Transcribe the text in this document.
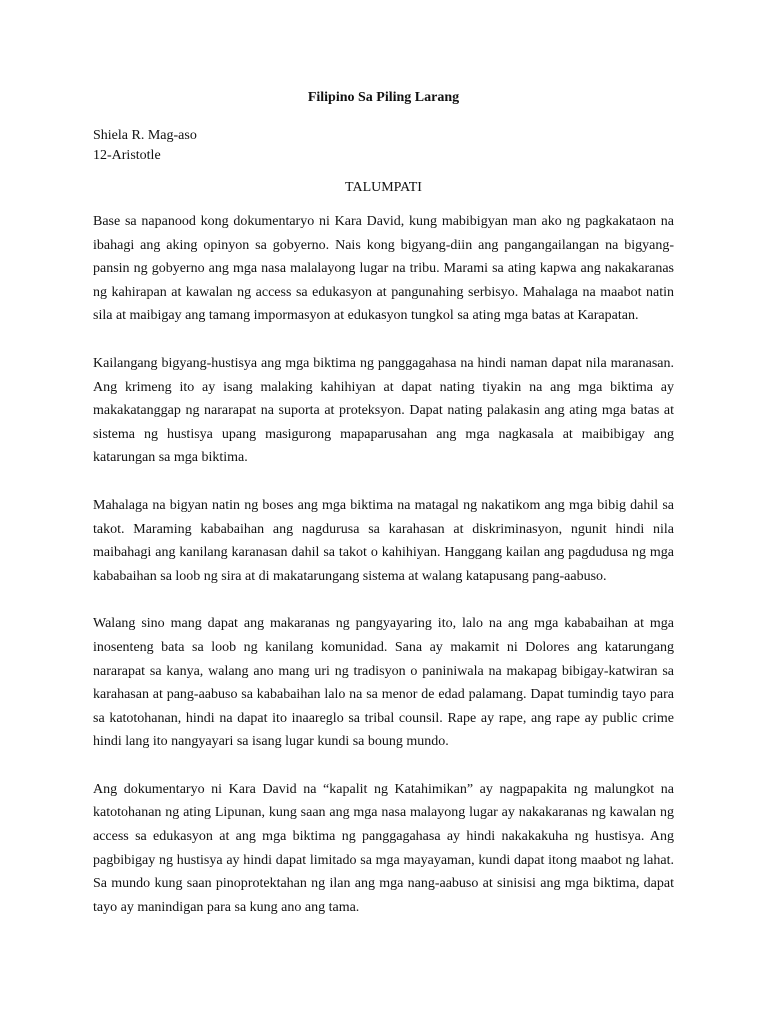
Filipino Sa Piling Larang
Shiela R. Mag-aso
12-Aristotle
TALUMPATI

Base sa napanood kong dokumentaryo ni Kara David, kung mabibigyan man ako ng pagkakataon na ibahagi ang aking opinyon sa gobyerno. Nais kong bigyang-diin ang pangangailangan na bigyang-pansin ng gobyerno ang mga nasa malalayong lugar na tribu. Marami sa ating kapwa ang nakakaranas ng kahirapan at kawalan ng access sa edukasyon at pangunahing serbisyo. Mahalaga na maabot natin sila at maibigay ang tamang impormasyon at edukasyon tungkol sa ating mga batas at Karapatan.

Kailangang bigyang-hustisya ang mga biktima ng panggagahasa na hindi naman dapat nila maranasan. Ang krimeng ito ay isang malaking kahihiyan at dapat nating tiyakin na ang mga biktima ay makakatanggap ng nararapat na suporta at proteksyon. Dapat nating palakasin ang ating mga batas at sistema ng hustisya upang masigurong mapaparusahan ang mga nagkasala at maibibigay ang katarungan sa mga biktima.

Mahalaga na bigyan natin ng boses ang mga biktima na matagal ng nakatikom ang mga bibig dahil sa takot. Maraming kababaihan ang nagdurusa sa karahasan at diskriminasyon, ngunit hindi nila maibahagi ang kanilang karanasan dahil sa takot o kahihiyan. Hanggang kailan ang pagdudusa ng mga kababaihan sa loob ng sira at di makatarungang sistema at walang katapusang pang-aabuso.

Walang sino mang dapat ang makaranas ng pangyayaring ito, lalo na ang mga kababaihan at mga inosenteng bata sa loob ng kanilang komunidad. Sana ay makamit ni Dolores ang katarungang nararapat sa kanya, walang ano mang uri ng tradisyon o paniniwala na makapag bibigay-katwiran sa karahasan at pang-aabuso sa kababaihan lalo na sa menor de edad palamang. Dapat tumindig tayo para sa katotohanan, hindi na dapat ito inaareglo sa tribal counsil. Rape ay rape, ang rape ay public crime hindi lang ito nangyayari sa isang lugar kundi sa boung mundo.

Ang dokumentaryo ni Kara David na “kapalit ng Katahimikan” ay nagpapakita ng malungkot na katotohanan ng ating Lipunan, kung saan ang mga nasa malayong lugar ay nakakaranas ng kawalan ng access sa edukasyon at ang mga biktima ng panggagahasa ay hindi nakakakuha ng hustisya. Ang pagbibigay ng hustisya ay hindi dapat limitado sa mga mayayaman, kundi dapat itong maabot ng lahat. Sa mundo kung saan pinoprotektahan ng ilan ang mga nang-aabuso at sinisisi ang mga biktima, dapat tayo ay manindigan para sa kung ano ang tama.
